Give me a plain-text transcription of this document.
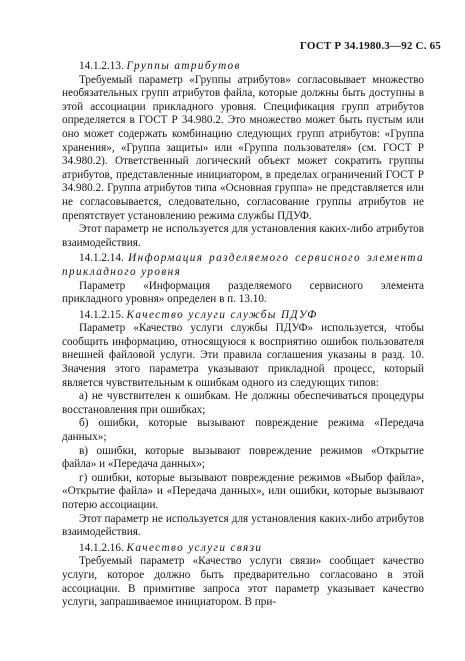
ГОСТ Р 34.1980.3—92 С. 65

14.1.2.13. Группы атрибутов

Требуемый параметр «Группы атрибутов» согласовывает множество необязательных групп атрибутов файла, которые должны быть доступны в этой ассоциации прикладного уровня. Спецификация групп атрибутов определяется в ГОСТ Р 34.980.2. Это множество может быть пустым или оно может содержать комбинацию следующих групп атрибутов: «Группа хранения», «Группа защиты» или «Группа пользователя» (см. ГОСТ Р 34.980.2). Ответственный логический объект может сократить группы атрибутов, представленные инициатором, в пределах ограничений ГОСТ Р 34.980.2. Группа атрибутов типа «Основная группа» не представляется или не согласовывается, следовательно, согласование группы атрибутов не препятствует установлению режима службы ПДУФ.

Этот параметр не используется для установления каких-либо атрибутов взаимодействия.

14.1.2.14. Информация разделяемого сервисного элемента прикладного уровня

Параметр «Информация разделяемого сервисного элемента прикладного уровня» определен в п. 13.10.

14.1.2.15. Качество услуги службы ПДУФ

Параметр «Качество услуги службы ПДУФ» используется, чтобы сообщить информацию, относящуюся к восприятию ошибок пользователя внешней файловой услуги. Эти правила соглашения указаны в разд. 10. Значения этого параметра указывают прикладной процесс, который является чувствительным к ошибкам одного из следующих типов:

а) не чувствителен к ошибкам. Не должны обеспечиваться процедуры восстановления при ошибках;

б) ошибки, которые вызывают повреждение режима «Передача данных»;

в) ошибки, которые вызывают повреждение режимов «Открытие файла» и «Передача данных»;

г) ошибки, которые вызывают повреждение режимов «Выбор файла», «Открытие файла» и «Передача данных», или ошибки, которые вызывают потерю ассоциации.

Этот параметр не используется для установления каких-либо атрибутов взаимодействия.

14.1.2.16. Качество услуги связи

Требуемый параметр «Качество услуги связи» сообщает качество услуги, которое должно быть предварительно согласовано в этой ассоциации. В примитиве запроса этот параметр указывает качество услуги, запрашиваемое инициатором. В при-
